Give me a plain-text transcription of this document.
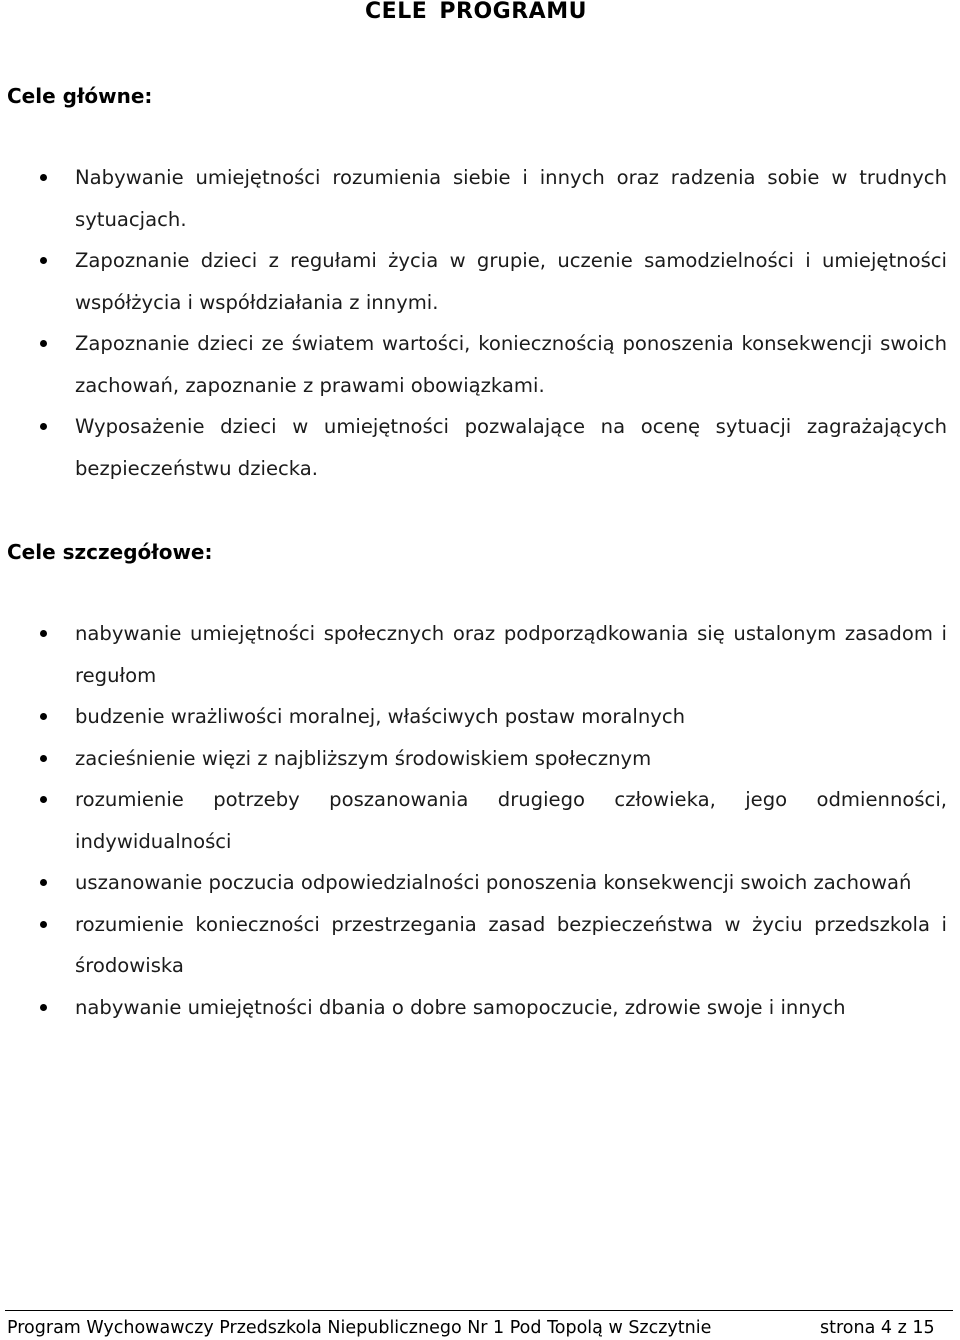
CELE PROGRAMU
Cele główne:
Nabywanie umiejętności rozumienia siebie i innych oraz radzenia sobie w trudnych sytuacjach.
Zapoznanie dzieci z regułami życia w grupie, uczenie samodzielności i umiejętności współżycia i współdziałania z innymi.
Zapoznanie dzieci ze światem wartości, koniecznością ponoszenia konsekwencji swoich zachowań, zapoznanie z prawami obowiązkami.
Wyposażenie dzieci w umiejętności pozwalające na ocenę sytuacji zagrażających bezpieczeństwu dziecka.
Cele szczegółowe:
nabywanie umiejętności społecznych oraz podporządkowania się ustalonym zasadom i regułom
budzenie wrażliwości moralnej, właściwych postaw moralnych
zacieśnienie więzi z najbliższym środowiskiem społecznym
rozumienie potrzeby poszanowania drugiego człowieka, jego odmienności, indywidualności
uszanowanie poczucia odpowiedzialności ponoszenia konsekwencji swoich zachowań
rozumienie konieczności przestrzegania zasad bezpieczeństwa w życiu przedszkola i środowiska
nabywanie umiejętności dbania o dobre samopoczucie, zdrowie swoje i innych
Program Wychowawczy Przedszkola Niepublicznego Nr 1 Pod Topolą w Szczytnie	strona 4 z 15
